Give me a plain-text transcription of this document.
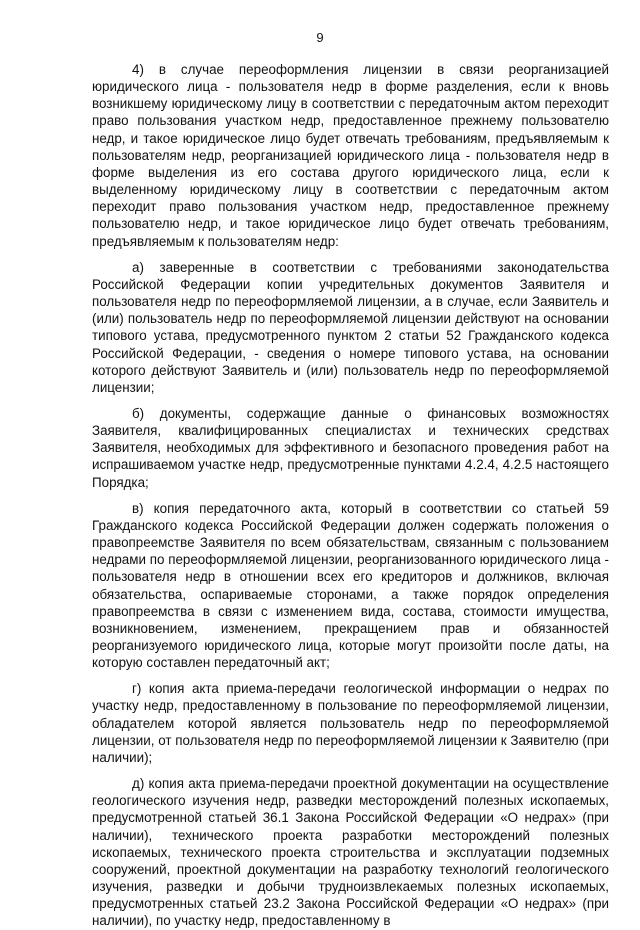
9

4) в случае переоформления лицензии в связи реорганизацией юридического лица - пользователя недр в форме разделения, если к вновь возникшему юридическому лицу в соответствии с передаточным актом переходит право пользования участком недр, предоставленное прежнему пользователю недр, и такое юридическое лицо будет отвечать требованиям, предъявляемым к пользователям недр, реорганизацией юридического лица - пользователя недр в форме выделения из его состава другого юридического лица, если к выделенному юридическому лицу в соответствии с передаточным актом переходит право пользования участком недр, предоставленное прежнему пользователю недр, и такое юридическое лицо будет отвечать требованиям, предъявляемым к пользователям недр:

а) заверенные в соответствии с требованиями законодательства Российской Федерации копии учредительных документов Заявителя и пользователя недр по переоформляемой лицензии, а в случае, если Заявитель и (или) пользователь недр по переоформляемой лицензии действуют на основании типового устава, предусмотренного пунктом 2 статьи 52 Гражданского кодекса Российской Федерации, - сведения о номере типового устава, на основании которого действуют Заявитель и (или) пользователь недр по переоформляемой лицензии;

б) документы, содержащие данные о финансовых возможностях Заявителя, квалифицированных специалистах и технических средствах Заявителя, необходимых для эффективного и безопасного проведения работ на испрашиваемом участке недр, предусмотренные пунктами 4.2.4, 4.2.5 настоящего Порядка;

в) копия передаточного акта, который в соответствии со статьей 59 Гражданского кодекса Российской Федерации должен содержать положения о правопреемстве Заявителя по всем обязательствам, связанным с пользованием недрами по переоформляемой лицензии, реорганизованного юридического лица - пользователя недр в отношении всех его кредиторов и должников, включая обязательства, оспариваемые сторонами, а также порядок определения правопреемства в связи с изменением вида, состава, стоимости имущества, возникновением, изменением, прекращением прав и обязанностей реорганизуемого юридического лица, которые могут произойти после даты, на которую составлен передаточный акт;

г) копия акта приема-передачи геологической информации о недрах по участку недр, предоставленному в пользование по переоформляемой лицензии, обладателем которой является пользователь недр по переоформляемой лицензии, от пользователя недр по переоформляемой лицензии к Заявителю (при наличии);

д) копия акта приема-передачи проектной документации на осуществление геологического изучения недр, разведки месторождений полезных ископаемых, предусмотренной статьей 36.1 Закона Российской Федерации «О недрах» (при наличии), технического проекта разработки месторождений полезных ископаемых, технического проекта строительства и эксплуатации подземных сооружений, проектной документации на разработку технологий геологического изучения, разведки и добычи трудноизвлекаемых полезных ископаемых, предусмотренных статьей 23.2 Закона Российской Федерации «О недрах» (при наличии), по участку недр, предоставленному в
